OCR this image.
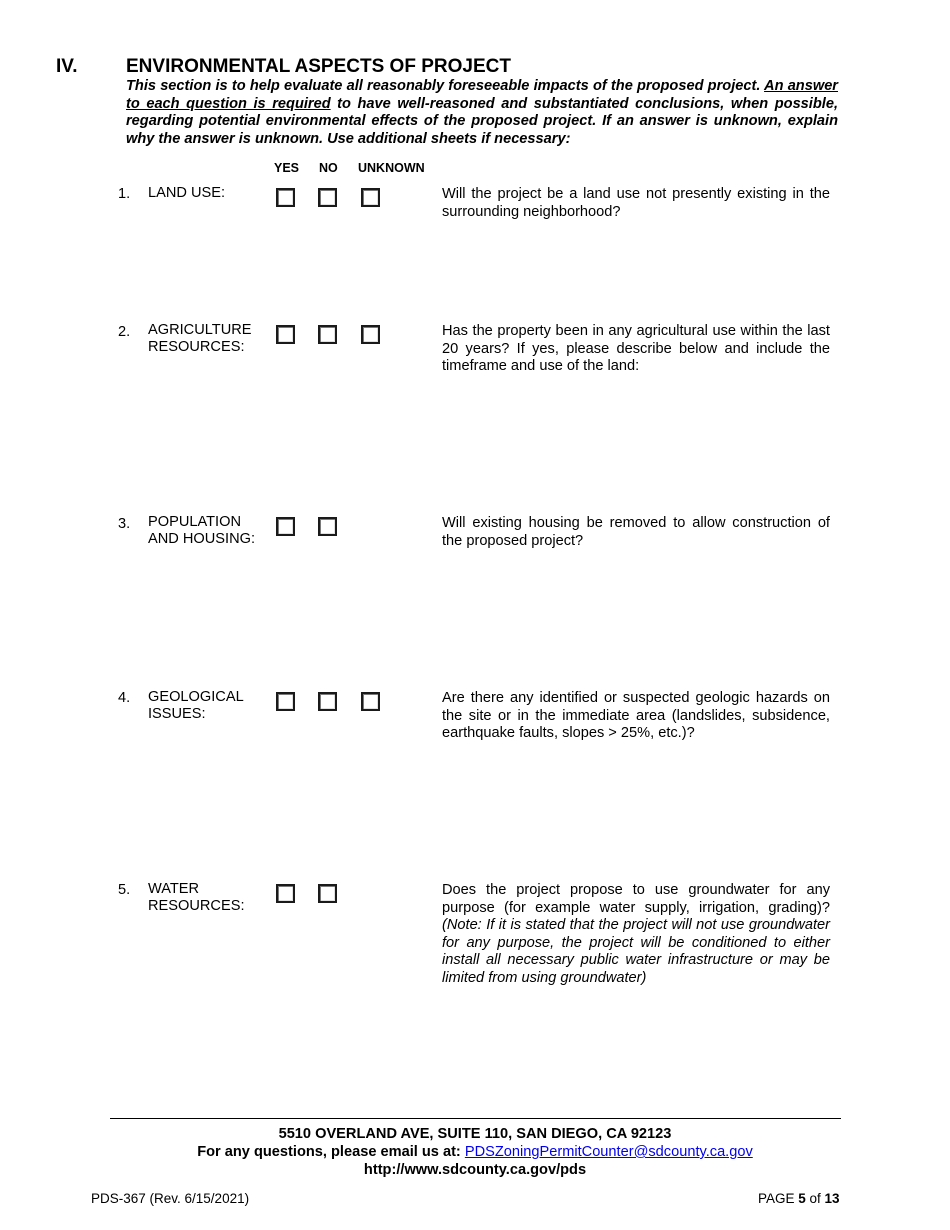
IV.	ENVIRONMENTAL ASPECTS OF PROJECT
This section is to help evaluate all reasonably foreseeable impacts of the proposed project. An answer to each question is required to have well-reasoned and substantiated conclusions, when possible, regarding potential environmental effects of the proposed project. If an answer is unknown, explain why the answer is unknown. Use additional sheets if necessary:
YES NO UNKNOWN
1. LAND USE:	Will the project be a land use not presently existing in the surrounding neighborhood?
2. AGRICULTURE
RESOURCES:
Has the property been in any agricultural use within the last 20 years? If yes, please describe below and include the timeframe and use of the land:
3. POPULATION
AND HOUSING:
Will existing housing be removed to allow construction of the proposed project?
4. GEOLOGICAL
ISSUES:
Are there any identified or suspected geologic hazards on the site or in the immediate area (landslides, subsidence, earthquake faults, slopes > 25%, etc.)?
5. WATER
RESOURCES:
Does the project propose to use groundwater for any purpose (for example water supply, irrigation, grading)? (Note: If it is stated that the project will not use groundwater for any purpose, the project will be conditioned to either install all necessary public water infrastructure or may be limited from using groundwater)
5510 OVERLAND AVE, SUITE 110, SAN DIEGO, CA 92123
For any questions, please email us at: PDSZoningPermitCounter@sdcounty.ca.gov
http://www.sdcounty.ca.gov/pds
PDS-367 (Rev. 6/15/2021)	PAGE 5 of 13
